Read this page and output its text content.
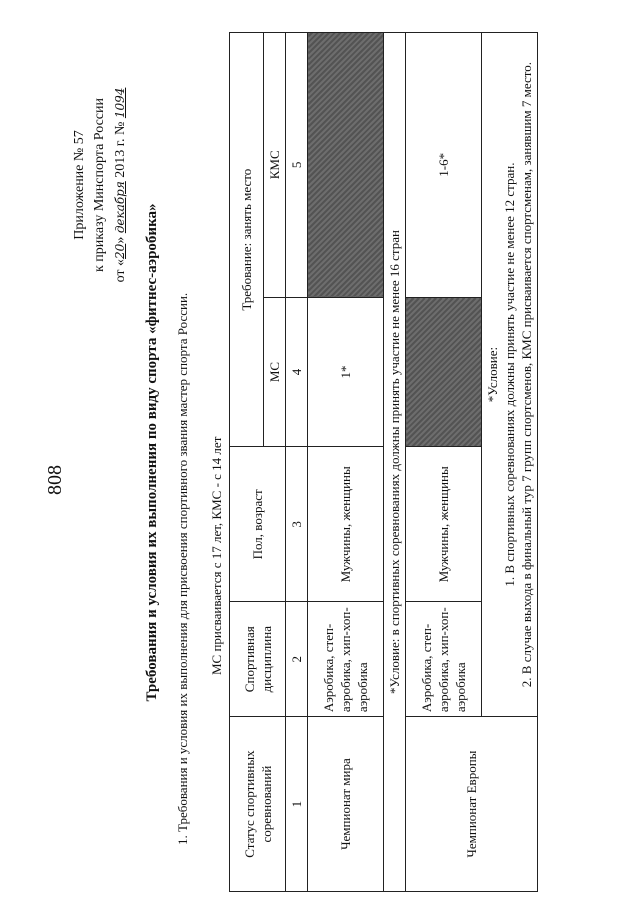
808
Приложение № 57 к приказу Минспорта России от «20» декабря 2013 г. № 1094
Требования и условия их выполнения по виду спорта «фитнес-аэробика» 1. Требования и условия их выполнения для присвоения спортивного звания мастер спорта России. МС присваивается с 17 лет, КМС - с 14 лет
Статус спортивных соревнований	Спортивная дисциплина	Пол, возраст	Требование: занять место	
			МС	КМС
1	2	3	4	5
Чемпионат мира	Аэробика, степ-аэробика, хип-хоп-аэробика	Мужчины, женщины	1*	
*Условие: в спортивных соревнованиях должны принять участие не менее 16 стран				
Чемпионат Европы	Аэробика, степ-аэробика, хип-хоп-аэробика	Мужчины, женщины		1-6*

	*Условие: 1. В спортивных соревнованиях должны принять участие не менее 12 стран. 2. В случае выхода в финальный тур 7 групп спортсменов, КМС присваивается спортсменам, занявшим 7 место.			
